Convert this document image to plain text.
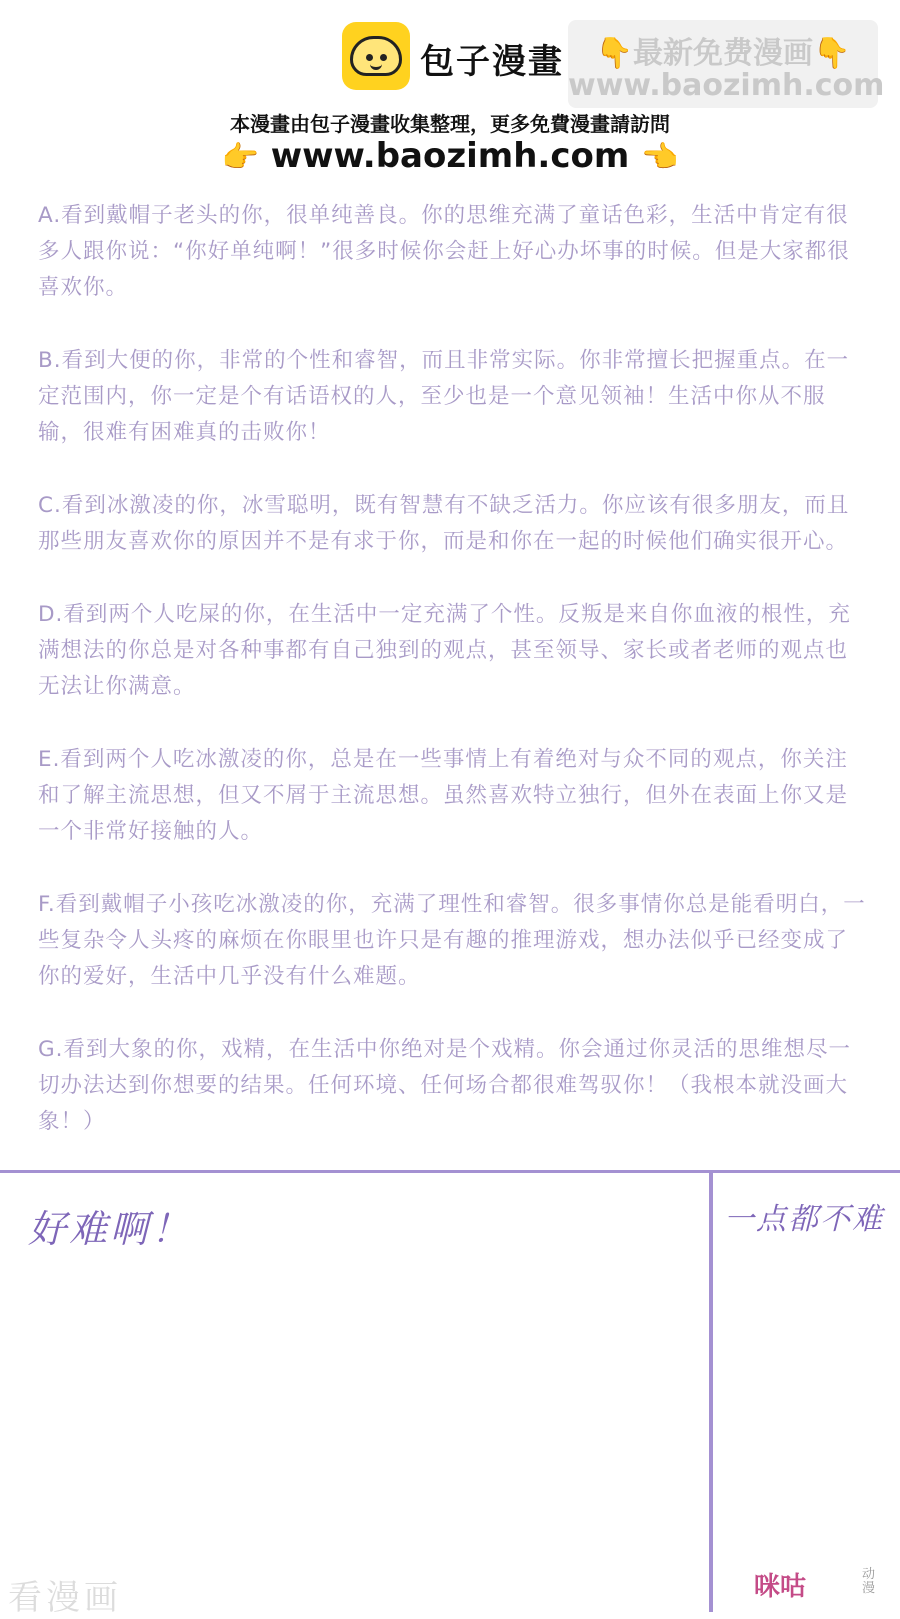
包子漫畫	👇最新免费漫画👇
www.baozimh.com
本漫畫由包子漫畫收集整理，更多免費漫畫請訪問
👉 www.baozimh.com 👈

A.看到戴帽子老头的你，很单纯善良。你的思维充满了童话色彩，生活中肯定有很多人跟你说：“你好单纯啊！”很多时候你会赶上好心办坏事的时候。但是大家都很喜欢你。

B.看到大便的你，非常的个性和睿智，而且非常实际。你非常擅长把握重点。在一定范围内，你一定是个有话语权的人，至少也是一个意见领袖！生活中你从不服输，很难有困难真的击败你！

C.看到冰激凌的你，冰雪聪明，既有智慧有不缺乏活力。你应该有很多朋友，而且那些朋友喜欢你的原因并不是有求于你，而是和你在一起的时候他们确实很开心。

D.看到两个人吃屎的你，在生活中一定充满了个性。反叛是来自你血液的根性，充满想法的你总是对各种事都有自己独到的观点，甚至领导、家长或者老师的观点也无法让你满意。

E.看到两个人吃冰激凌的你，总是在一些事情上有着绝对与众不同的观点，你关注和了解主流思想，但又不屑于主流思想。虽然喜欢特立独行，但外在表面上你又是一个非常好接触的人。

F.看到戴帽子小孩吃冰激凌的你，充满了理性和睿智。很多事情你总是能看明白，一些复杂令人头疼的麻烦在你眼里也许只是有趣的推理游戏，想办法似乎已经变成了你的爱好，生活中几乎没有什么难题。

G.看到大象的你，戏精，在生活中你绝对是个戏精。你会通过你灵活的思维想尽一切办法达到你想要的结果。任何环境、任何场合都很难驾驭你！（我根本就没画大象！）

好难啊！	一点都不难
看漫画	咪咕	动漫
